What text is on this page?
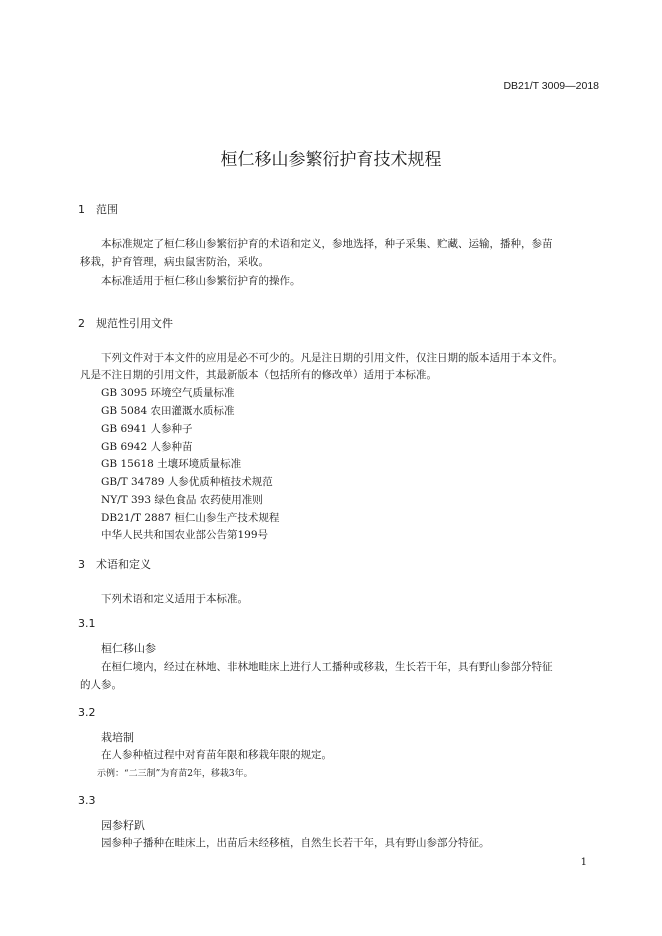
DB21/T 3009—2018
桓仁移山参繁衍护育技术规程
1 范围
本标准规定了桓仁移山参繁衍护育的术语和定义，参地选择，种子采集、贮藏、运输，播种，参苗
移栽，护育管理，病虫鼠害防治，采收。
本标准适用于桓仁移山参繁衍护育的操作。
2 规范性引用文件
下列文件对于本文件的应用是必不可少的。凡是注日期的引用文件，仅注日期的版本适用于本文件。
凡是不注日期的引用文件，其最新版本（包括所有的修改单）适用于本标准。
GB 3095 环境空气质量标准
GB 5084 农田灌溉水质标准
GB 6941 人参种子
GB 6942 人参种苗
GB 15618 土壤环境质量标准
GB/T 34789 人参优质种植技术规范
NY/T 393 绿色食品 农药使用准则
DB21/T 2887 桓仁山参生产技术规程
中华人民共和国农业部公告第199号
3 术语和定义
下列术语和定义适用于本标准。
3.1
桓仁移山参
在桓仁境内，经过在林地、非林地畦床上进行人工播种或移栽，生长若干年，具有野山参部分特征
的人参。
3.2
栽培制
在人参种植过程中对育苗年限和移栽年限的规定。
示例：“二三制”为育苗2年，移栽3年。
3.3
园参籽趴
园参种子播种在畦床上，出苗后未经移植，自然生长若干年，具有野山参部分特征。
1
